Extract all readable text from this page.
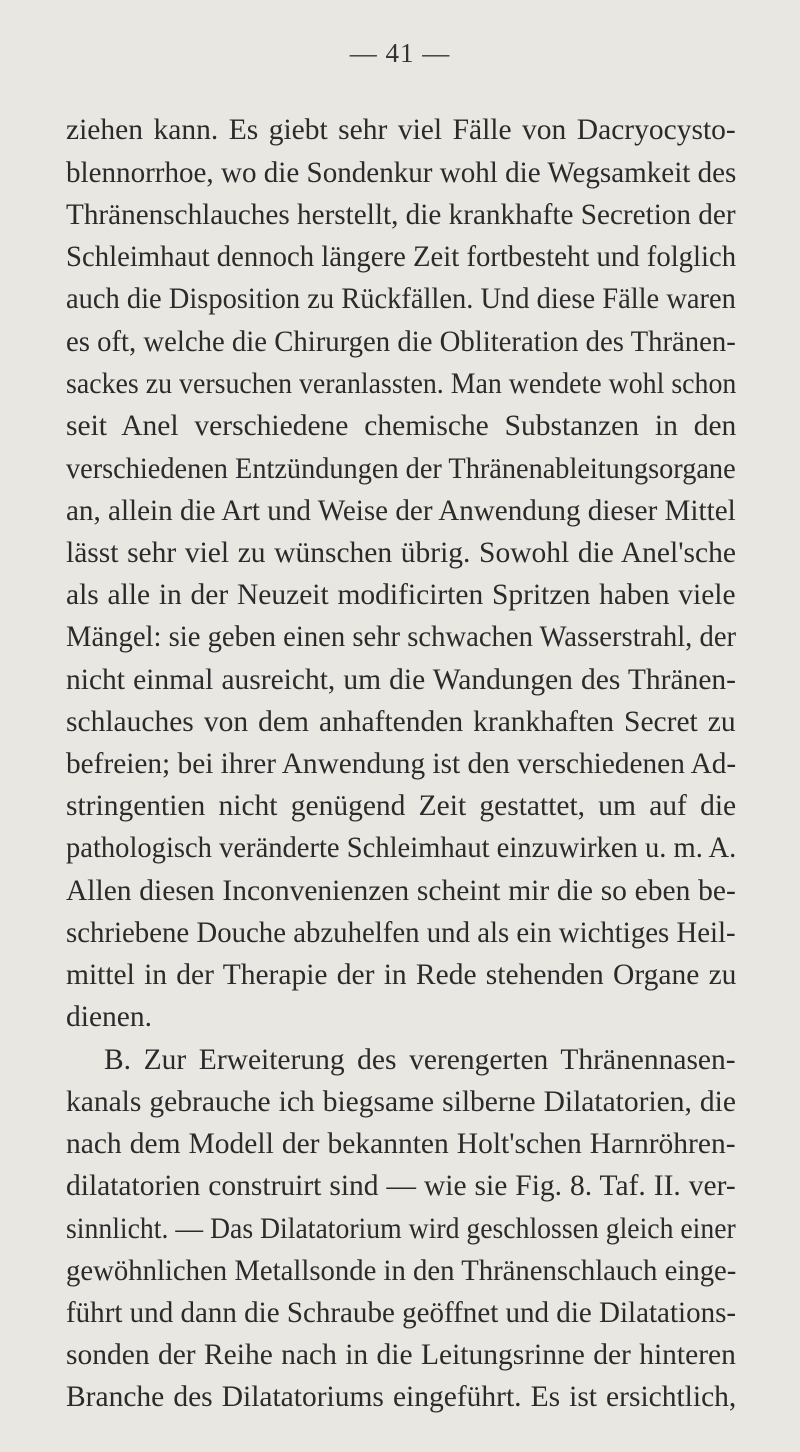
— 41 —
ziehen kann. Es giebt sehr viel Fälle von Dacryocysto-
blennorrhoe, wo die Sondenkur wohl die Wegsamkeit des
Thränenschlauches herstellt, die krankhafte Secretion der
Schleimhaut dennoch längere Zeit fortbesteht und folglich
auch die Disposition zu Rückfällen. Und diese Fälle waren
es oft, welche die Chirurgen die Obliteration des Thränen-
sackes zu versuchen veranlassten. Man wendete wohl schon
seit Anel verschiedene chemische Substanzen in den
verschiedenen Entzündungen der Thränenableitungsorgane
an, allein die Art und Weise der Anwendung dieser Mittel
lässt sehr viel zu wünschen übrig. Sowohl die Anel'sche
als alle in der Neuzeit modificirten Spritzen haben viele
Mängel: sie geben einen sehr schwachen Wasserstrahl, der
nicht einmal ausreicht, um die Wandungen des Thränen-
schlauches von dem anhaftenden krankhaften Secret zu
befreien; bei ihrer Anwendung ist den verschiedenen Ad-
stringentien nicht genügend Zeit gestattet, um auf die
pathologisch veränderte Schleimhaut einzuwirken u. m. A.
Allen diesen Inconvenienzen scheint mir die so eben be-
schriebene Douche abzuhelfen und als ein wichtiges Heil-
mittel in der Therapie der in Rede stehenden Organe zu
dienen.
B. Zur Erweiterung des verengerten Thränennasen-
kanals gebrauche ich biegsame silberne Dilatatorien, die
nach dem Modell der bekannten Holt'schen Harnröhren-
dilatatorien construirt sind — wie sie Fig. 8. Taf. II. ver-
sinnlicht. — Das Dilatatorium wird geschlossen gleich einer
gewöhnlichen Metallsonde in den Thränenschlauch einge-
führt und dann die Schraube geöffnet und die Dilatations-
sonden der Reihe nach in die Leitungsrinne der hinteren
Branche des Dilatatoriums eingeführt. Es ist ersichtlich,
